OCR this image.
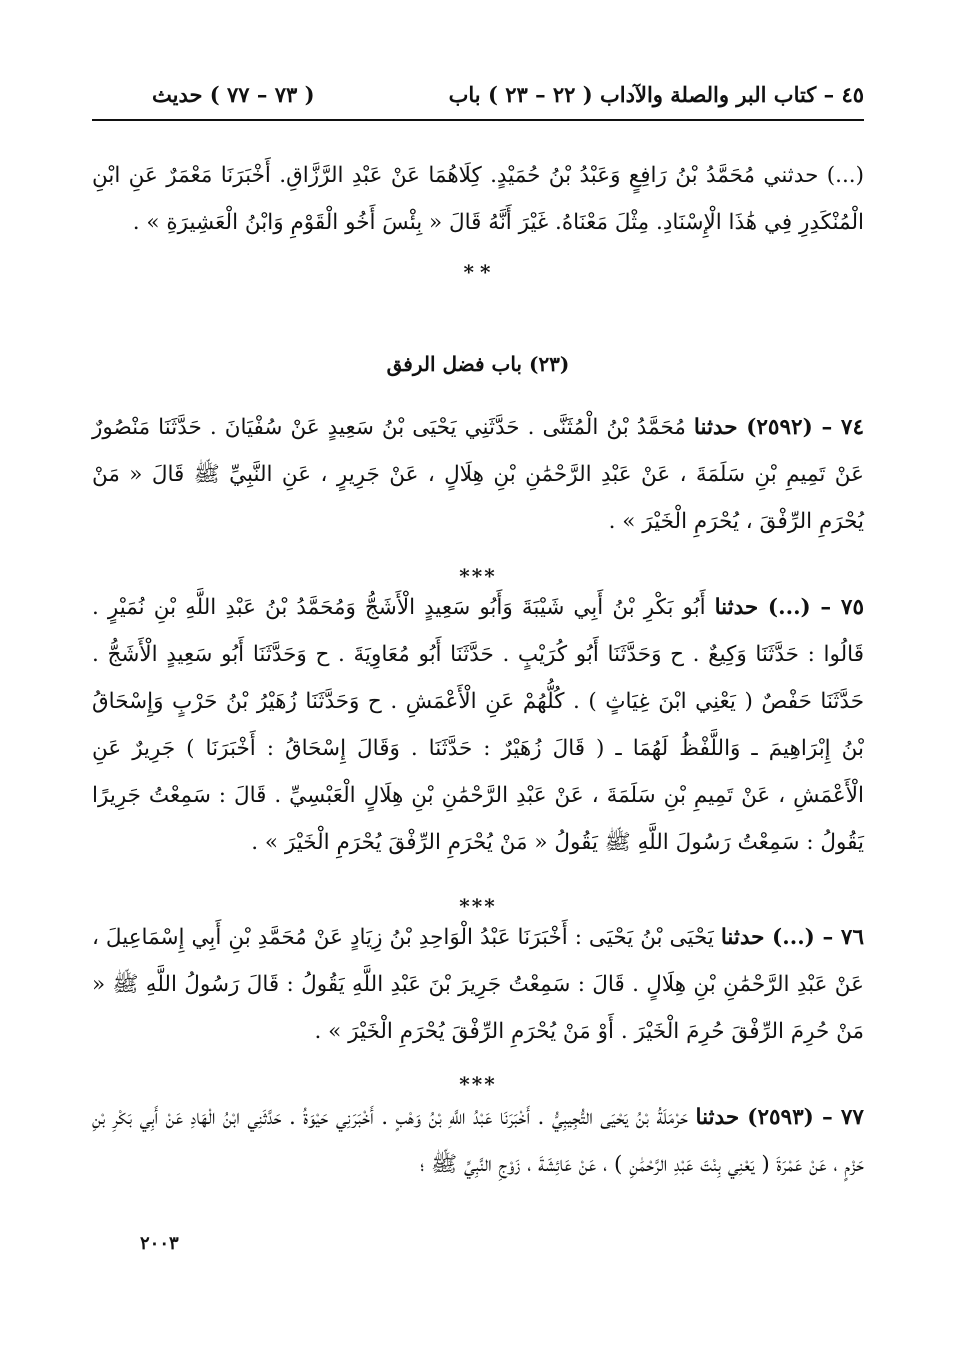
٤٥ – كتاب البر والصلة والآداب ( ٢٢ – ٢٣ ) باب
( ٧٣ – ٧٧ ) حديث
(...) حدثني مُحَمَّدُ بْنُ رَافِعٍ وَعَبْدُ بْنُ حُمَيْدٍ. كِلَاهُمَا عَنْ عَبْدِ الرَّزَّاقِ. أَخْبَرَنَا مَعْمَرٌ عَنِ ابْنِ الْمُنْكَدِرِ فِي هَٰذَا الْإِسْنَادِ. مِثْلَ مَعْنَاهُ. غَيْرَ أَنَّهُ قَالَ « بِئْسَ أَخُو الْقَوْمِ وَابْنُ الْعَشِيرَةِ » .
* *
(٢٣) باب فضل الرفق
٧٤ – (٢٥٩٢) حدثنا مُحَمَّدُ بْنُ الْمُثَنَّى . حَدَّثَنِي يَحْيَى بْنُ سَعِيدٍ عَنْ سُفْيَانَ . حَدَّثَنَا مَنْصُورٌ عَنْ تَمِيمِ بْنِ سَلَمَةَ ، عَنْ عَبْدِ الرَّحْمَٰنِ بْنِ هِلَالٍ ، عَنْ جَرِيرٍ ، عَنِ النَّبِيِّ ﷺ قَالَ « مَنْ يُحْرَمِ الرِّفْقَ ، يُحْرَمِ الْخَيْرَ » .
***
٧٥ – (...) حدثنا أَبُو بَكْرِ بْنُ أَبِي شَيْبَةَ وَأَبُو سَعِيدٍ الْأَشَجُّ وَمُحَمَّدُ بْنُ عَبْدِ اللَّهِ بْنِ نُمَيْرٍ . قَالُوا : حَدَّثَنَا وَكِيعٌ . ح وَحَدَّثَنَا أَبُو كُرَيْبٍ . حَدَّثَنَا أَبُو مُعَاوِيَةَ . ح وَحَدَّثَنَا أَبُو سَعِيدٍ الْأَشَجُّ . حَدَّثَنَا حَفْصٌ ( يَعْنِي ابْنَ غِيَاثٍ ) . كُلُّهُمْ عَنِ الْأَعْمَشِ . ح وَحَدَّثَنَا زُهَيْرُ بْنُ حَرْبٍ وَإِسْحَاقُ بْنُ إِبْرَاهِيمَ ـ وَاللَّفْظُ لَهُمَا ـ ( قَالَ زُهَيْرٌ : حَدَّثَنَا . وَقَالَ إِسْحَاقُ : أَخْبَرَنَا ) جَرِيرٌ عَنِ الْأَعْمَشِ ، عَنْ تَمِيمِ بْنِ سَلَمَةَ ، عَنْ عَبْدِ الرَّحْمَٰنِ بْنِ هِلَالٍ الْعَبْسِيِّ . قَالَ : سَمِعْتُ جَرِيرًا يَقُولُ : سَمِعْتُ رَسُولَ اللَّهِ ﷺ يَقُولُ « مَنْ يُحْرَمِ الرِّفْقَ يُحْرَمِ الْخَيْرَ » .
***
٧٦ – (...) حدثنا يَحْيَى بْنُ يَحْيَى : أَخْبَرَنَا عَبْدُ الْوَاحِدِ بْنُ زِيَادٍ عَنْ مُحَمَّدِ بْنِ أَبِي إِسْمَاعِيلَ ، عَنْ عَبْدِ الرَّحْمَٰنِ بْنِ هِلَالٍ . قَالَ : سَمِعْتُ جَرِيرَ بْنَ عَبْدِ اللَّهِ يَقُولُ : قَالَ رَسُولُ اللَّهِ ﷺ « مَنْ حُرِمَ الرِّفْقَ حُرِمَ الْخَيْرَ . أَوْ مَنْ يُحْرَمِ الرِّفْقَ يُحْرَمِ الْخَيْرَ » .
***
٧٧ – (٢٥٩٣) حدثنا حَرْمَلَةُ بْنُ يَحْيَى التُّجِيبِيُّ . أَخْبَرَنَا عَبْدُ اللَّهِ بْنُ وَهْبٍ . أَخْبَرَنِي حَيْوَةُ . حَدَّثَنِي ابْنُ الْهَادِ عَنْ أَبِي بَكْرِ بْنِ حَزْمٍ ، عَنْ عَمْرَةَ ( يَعْنِي بِنْتَ عَبْدِ الرَّحْمَٰنِ ) ، عَنْ عَائِشَةَ ، زَوْجِ النَّبِيِّ ﷺ ؛
٢٠٠٣
